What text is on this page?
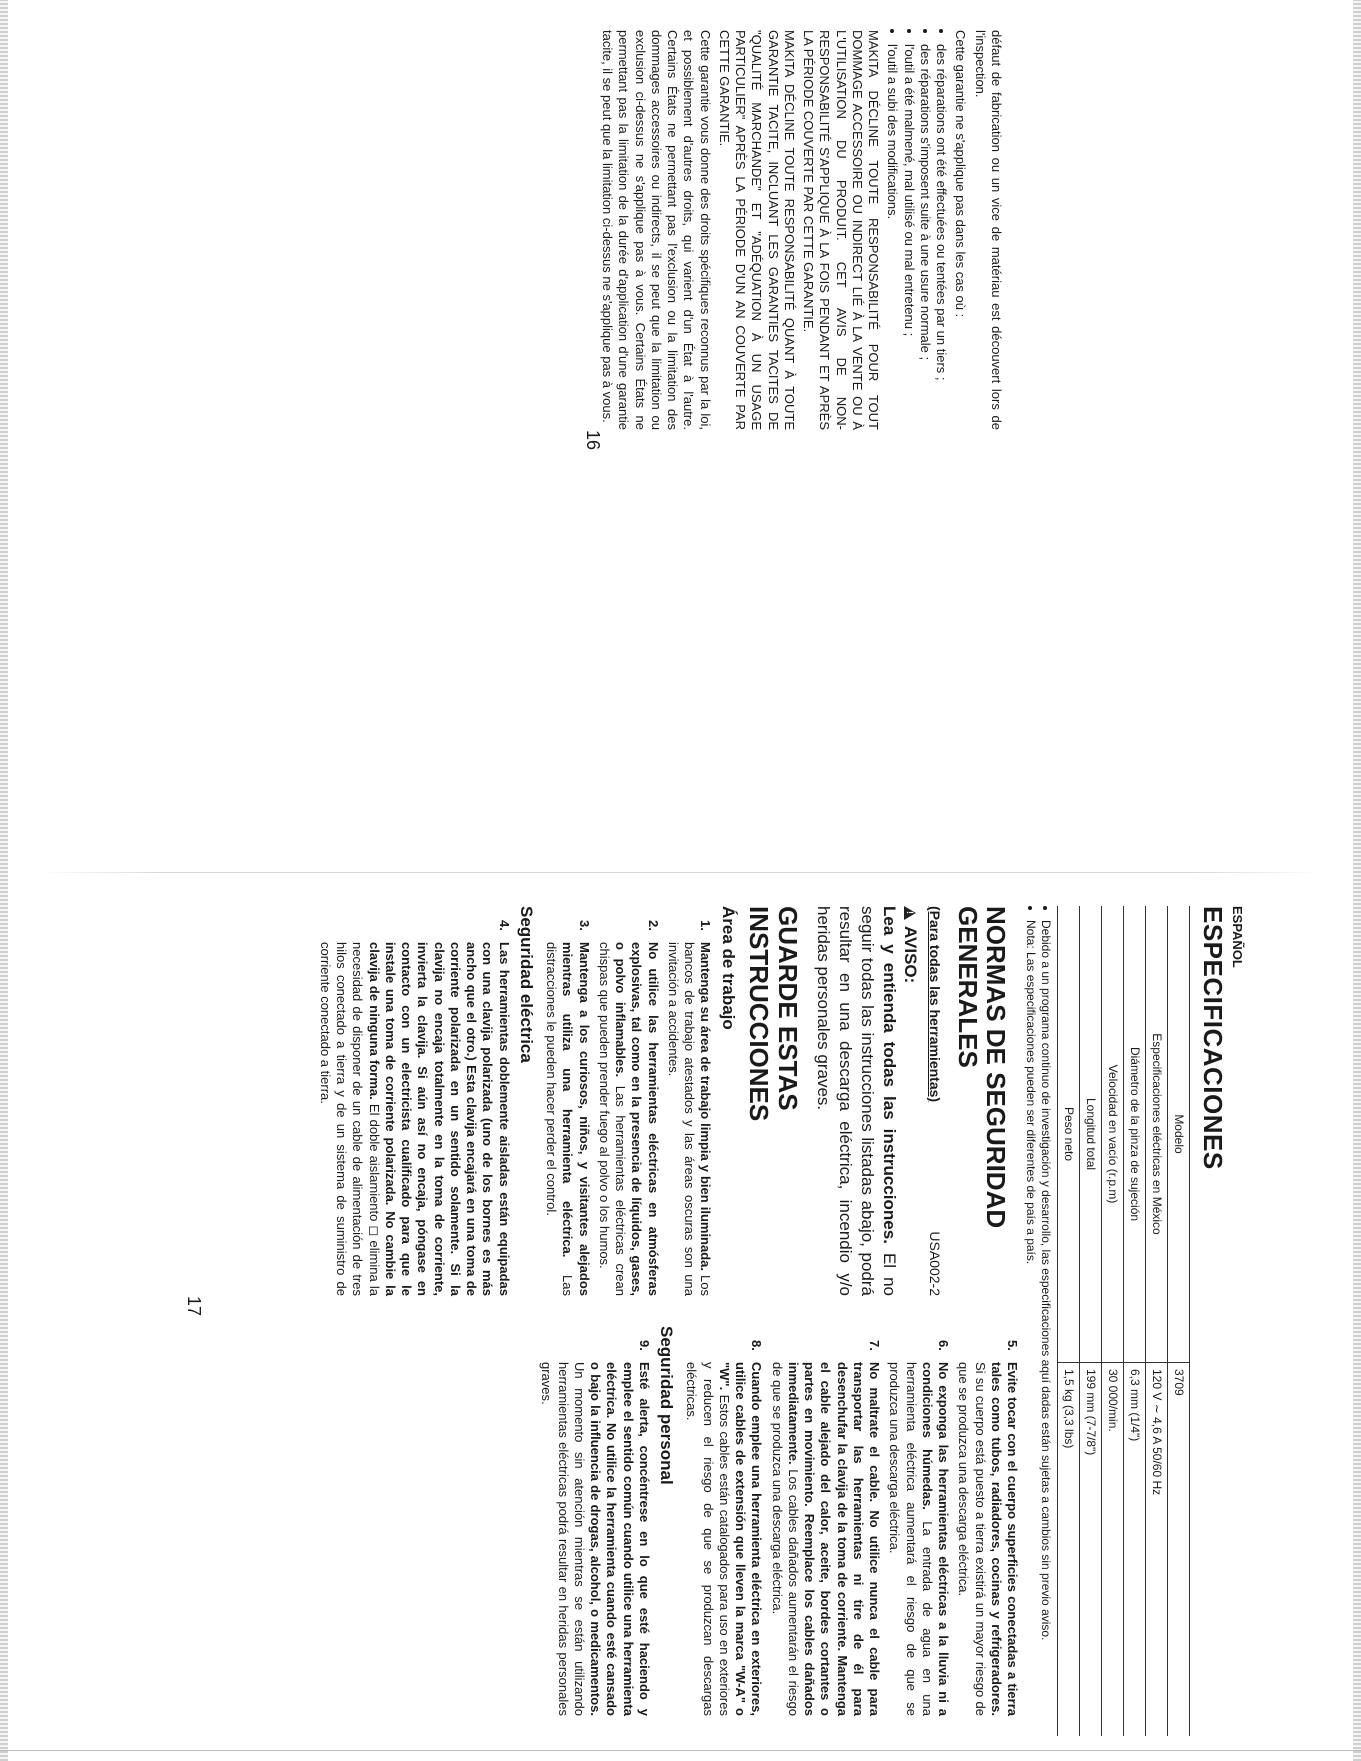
défaut de fabrication ou un vice de matériau est découvert lors de l'inspection.

Cette garantie ne s'applique pas dans les cas où :

• des réparations ont été effectuées ou tentées par un tiers ;
• des réparations s'imposent suite à une usure normale ;
• l'outil a été malmené, mal utilisé ou mal entretenu ;
• l'outil a subi des modifications.

MAKITA DÉCLINE TOUTE RESPONSABILITÉ POUR TOUT DOMMAGE ACCESSOIRE OU INDIRECT LIÉ À LA VENTE OU À L'UTILISATION DU PRODUIT. CET AVIS DE NON-RESPONSABILITÉ S'APPLIQUE À LA FOIS PENDANT ET APRÈS LA PÉRIODE COUVERTE PAR CETTE GARANTIE.

MAKITA DÉCLINE TOUTE RESPONSABILITÉ QUANT À TOUTE GARANTIE TACITE, INCLUANT LES GARANTIES TACITES DE "QUALITÉ MARCHANDE" ET "ADÉQUATION À UN USAGE PARTICULIER" APRÈS LA PÉRIODE D'UN AN COUVERTE PAR CETTE GARANTIE.

Cette garantie vous donne des droits spécifiques reconnus par la loi, et possiblement d'autres droits, qui varient d'un État à l'autre. Certains États ne permettant pas l'exclusion ou la limitation des dommages accessoires ou indirects, il se peut que la limitation ou exclusion ci-dessus ne s'applique pas à vous. Certains États ne permettant pas la limitation de la durée d'application d'une garantie tacite, il se peut que la limitation ci-dessus ne s'applique pas à vous.

16
ESPAÑOL
ESPECIFICACIONES
Modelo	3709
Especificaciones eléctricas en México	120 V ∼ 4,6 A 50/60 Hz
Diámetro de la pinza de sujeción	6,3 mm (1/4")
Velocidad en vacío (r.p.m)	30 000/min.
Longitud total	199 mm (7-7/8")
Peso neto	1,5 kg (3,3 lbs)
• Debido a un programa continuo de investigación y desarrollo, las especificaciones aquí dadas están sujetas a cambios sin previo aviso.
• Nota: Las especificaciones pueden ser diferentes de país a país.
NORMAS DE SEGURIDAD GENERALES
(Para todas las herramientas)
USA002-2
!AVISO:
Lea y entienda todas las instrucciones. El no seguir todas las instrucciones listadas abajo, podrá resultar en una descarga eléctrica, incendio y/o heridas personales graves.
GUARDE ESTAS INSTRUCCIONES
Área de trabajo
1.
Mantenga su área de trabajo limpia y bien iluminada. Los bancos de trabajo atestados y las áreas oscuras son una invitación a accidentes.
2.
No utilice las herramientas eléctricas en atmósferas explosivas, tal como en la presencia de líquidos, gases, o polvo inflamables. Las herramientas eléctricas crean chispas que pueden prender fuego al polvo o los humos.
3.
Mantenga a los curiosos, niños, y visitantes alejados mientras utiliza una herramienta eléctrica. Las distracciones le pueden hacer perder el control.
Seguridad eléctrica
4.
Las herramientas doblemente aisladas están equipadas con una clavija polarizada (uno de los bornes es más ancho que el otro.) Esta clavija encajará en una toma de corriente polarizada en un sentido solamente. Si la clavija no encaja totalmente en la toma de corriente, invierta la clavija. Si aún así no encaja, póngase en contacto con un electricista cualificado para que le instale una toma de corriente polarizada. No cambie la clavija de ninguna forma. El doble aislamiento ◻ elimina la necesidad de disponer de un cable de alimentación de tres hilos conectado a tierra y de un sistema de suministro de corriente conectado a tierra.
5.
Evite tocar con el cuerpo superficies conectadas a tierra tales como tubos, radiadores, cocinas y refrigeradores. Si su cuerpo está puesto a tierra existirá un mayor riesgo de que se produzca una descarga eléctrica.
6.
No exponga las herramientas eléctricas a la lluvia ni a condiciones húmedas. La entrada de agua en una herramienta eléctrica aumentará el riesgo de que se produzca una descarga eléctrica.
7.
No maltrate el cable. No utilice nunca el cable para transportar las herramientas ni tire de él para desenchufar la clavija de la toma de corriente. Mantenga el cable alejado del calor, aceite, bordes cortantes o partes en movimiento. Reemplace los cables dañados inmediatamente. Los cables dañados aumentarán el riesgo de que se produzca una descarga eléctrica.
8.
Cuando emplee una herramienta eléctrica en exteriores, utilice cables de extensión que lleven la marca "W-A" o "W". Estos cables están catalogados para uso en exteriores y reducen el riesgo de que se produzcan descargas eléctricas.
Seguridad personal
9.
Esté alerta, concéntrese en lo que esté haciendo y emplee el sentido común cuando utilice una herramienta eléctrica. No utilice la herramienta cuando esté cansado o bajo la influencia de drogas, alcohol, o medicamentos. Un momento sin atención mientras se están utilizando herramientas eléctricas podrá resultar en heridas personales graves.
17
